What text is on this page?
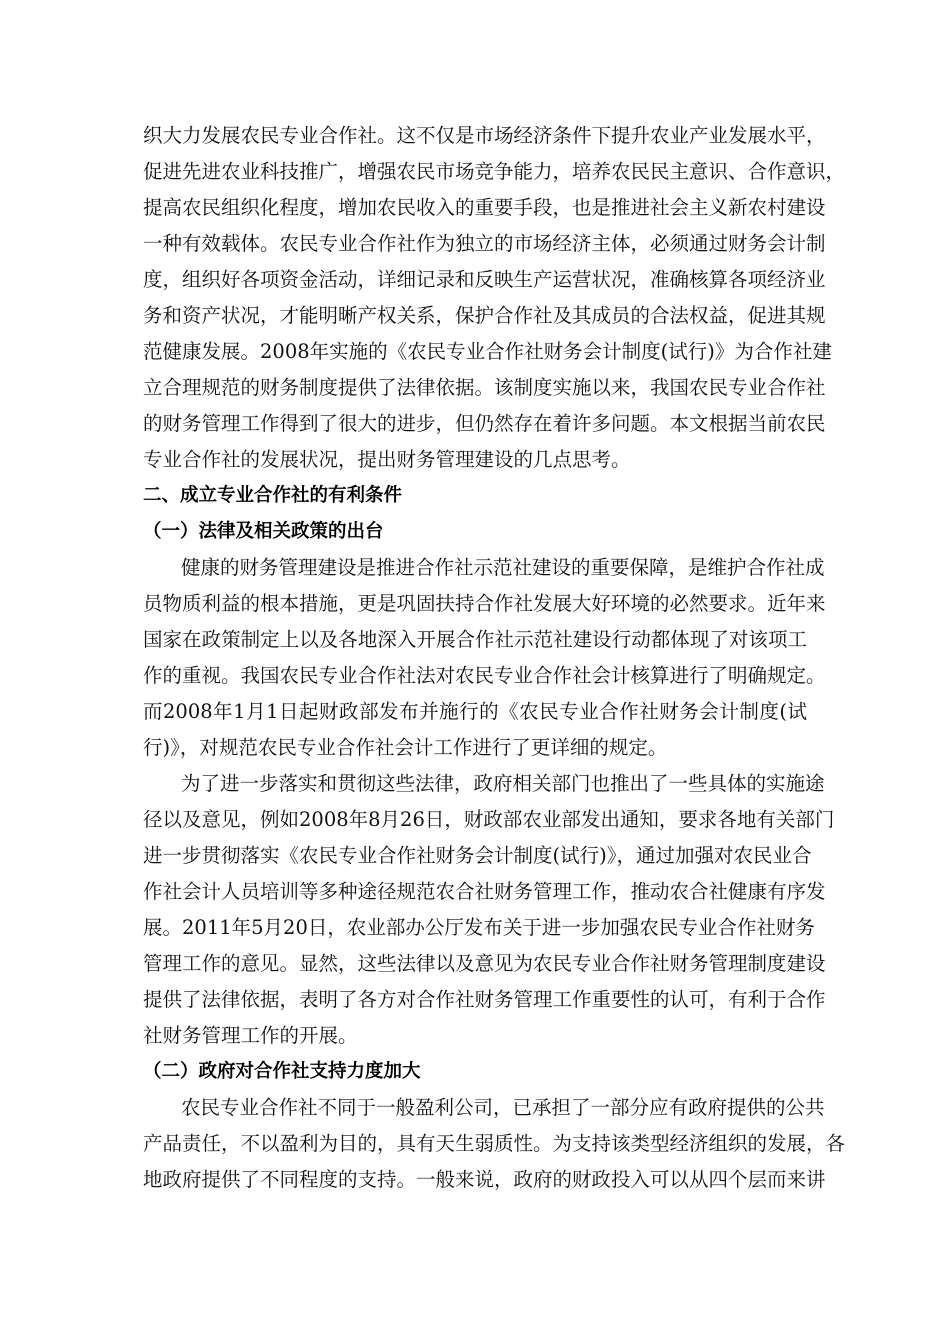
织大力发展农民专业合作社。这不仅是市场经济条件下提升农业产业发展水平，
促进先进农业科技推广，增强农民市场竞争能力，培养农民民主意识、合作意识，
提高农民组织化程度，增加农民收入的重要手段，也是推进社会主义新农村建设
一种有效载体。农民专业合作社作为独立的市场经济主体，必须通过财务会计制
度，组织好各项资金活动，详细记录和反映生产运营状况，准确核算各项经济业
务和资产状况，才能明晰产权关系，保护合作社及其成员的合法权益，促进其规
范健康发展。2008年实施的《农民专业合作社财务会计制度(试行)》为合作社建
立合理规范的财务制度提供了法律依据。该制度实施以来，我国农民专业合作社
的财务管理工作得到了很大的进步，但仍然存在着许多问题。本文根据当前农民
专业合作社的发展状况，提出财务管理建设的几点思考。
二、成立专业合作社的有利条件
（一）法律及相关政策的出台
健康的财务管理建设是推进合作社示范社建设的重要保障，是维护合作社成
员物质利益的根本措施，更是巩固扶持合作社发展大好环境的必然要求。近年来
国家在政策制定上以及各地深入开展合作社示范社建设行动都体现了对该项工
作的重视。我国农民专业合作社法对农民专业合作社会计核算进行了明确规定。
而2008年1月1日起财政部发布并施行的《农民专业合作社财务会计制度(试
行)》，对规范农民专业合作社会计工作进行了更详细的规定。
为了进一步落实和贯彻这些法律，政府相关部门也推出了一些具体的实施途
径以及意见，例如2008年8月26日，财政部农业部发出通知，要求各地有关部门
进一步贯彻落实《农民专业合作社财务会计制度(试行)》，通过加强对农民业合
作社会计人员培训等多种途径规范农合社财务管理工作，推动农合社健康有序发
展。2011年5月20日，农业部办公厅发布关于进一步加强农民专业合作社财务
管理工作的意见。显然，这些法律以及意见为农民专业合作社财务管理制度建设
提供了法律依据，表明了各方对合作社财务管理工作重要性的认可，有利于合作
社财务管理工作的开展。
（二）政府对合作社支持力度加大
农民专业合作社不同于一般盈利公司，已承担了一部分应有政府提供的公共
产品责任，不以盈利为目的，具有天生弱质性。为支持该类型经济组织的发展，各
地政府提供了不同程度的支持。一般来说，政府的财政投入可以从四个层而来讲
